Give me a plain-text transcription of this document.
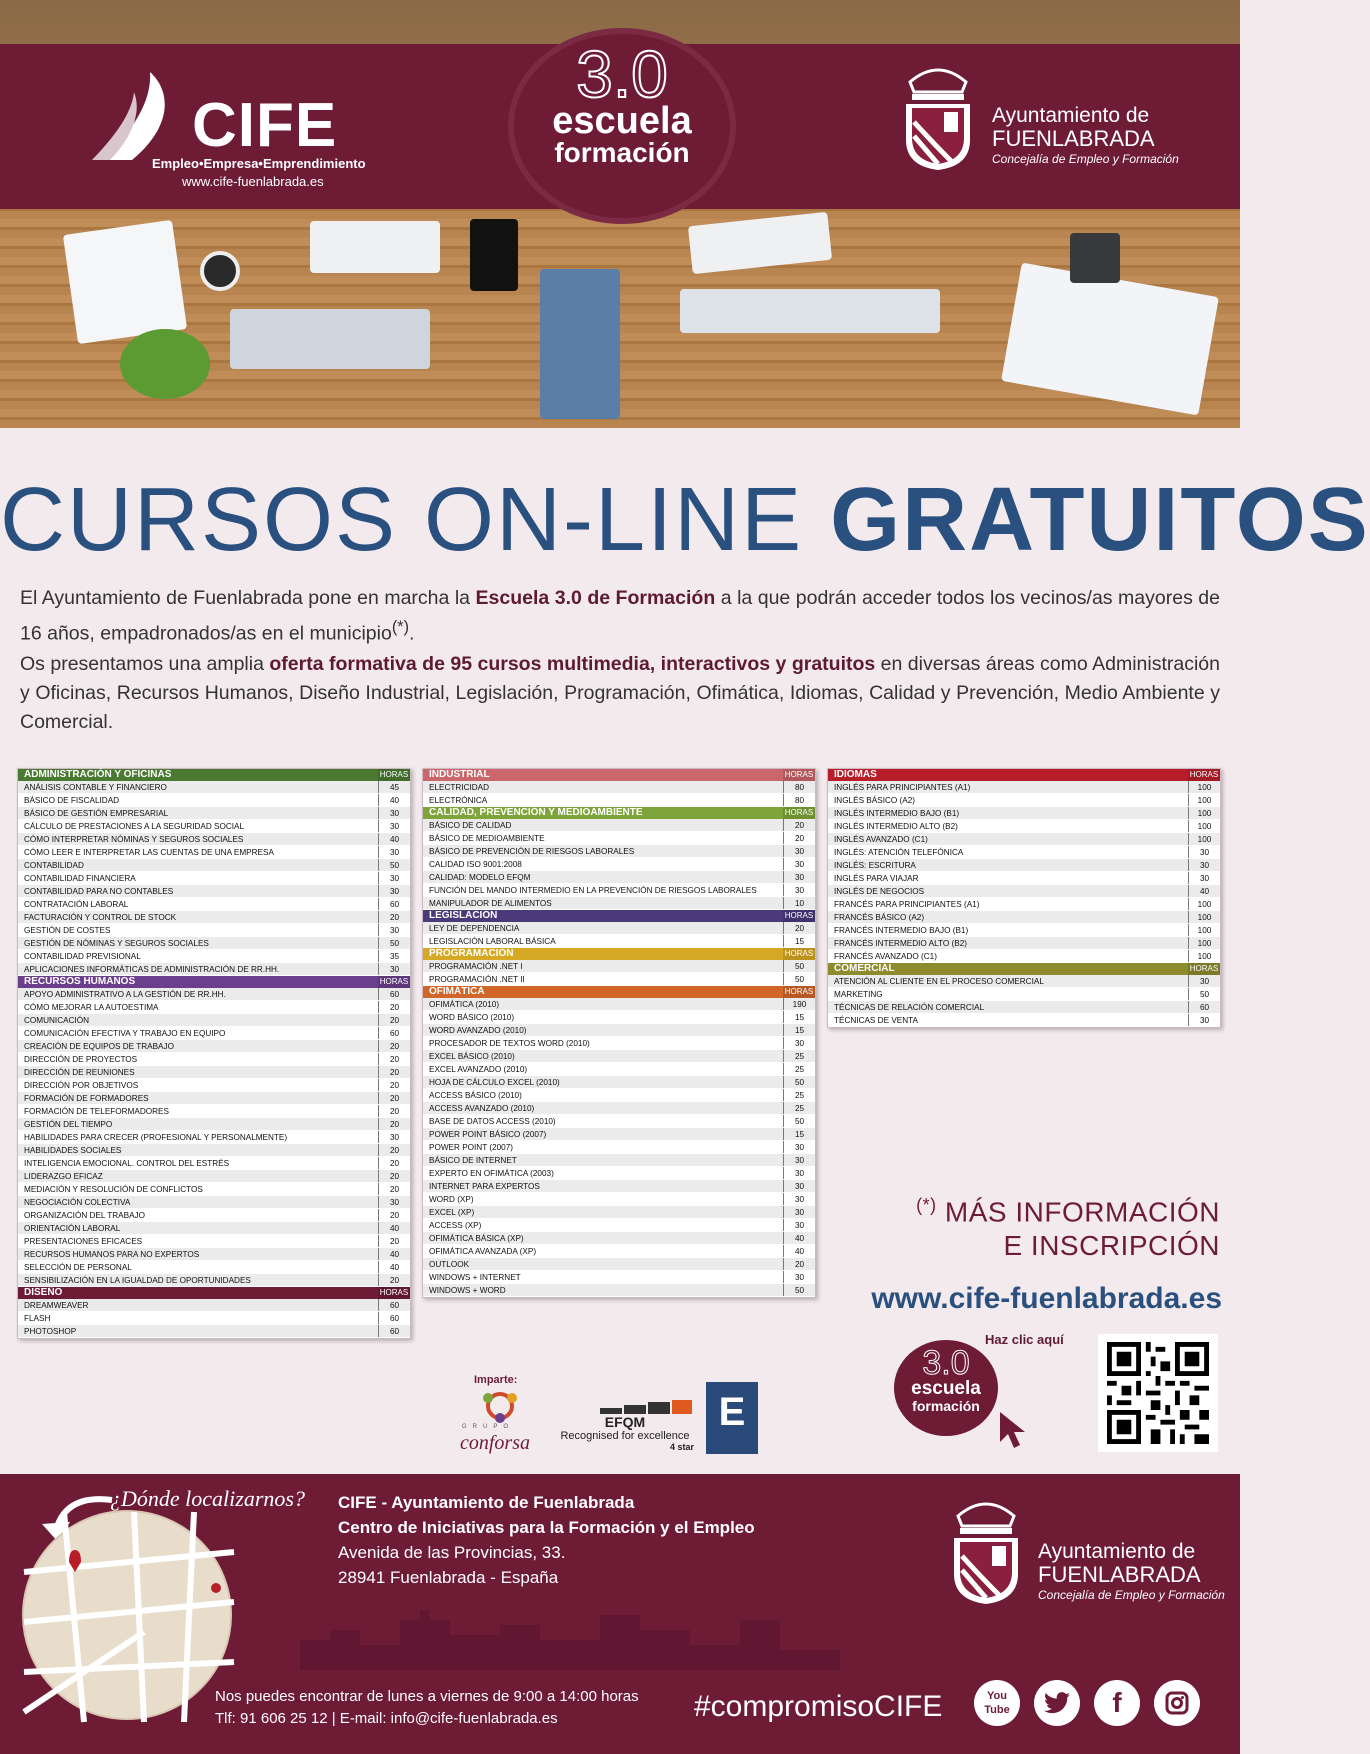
CIFE
Empleo•Empresa•Emprendimiento
www.cife-fuenlabrada.es
3.0
escuela
formación
Ayuntamiento de
FUENLABRADA
Concejalía de Empleo y Formación
CURSOS ON-LINE GRATUITOS

El Ayuntamiento de Fuenlabrada pone en marcha la Escuela 3.0 de Formación a la que podrán acceder todos los vecinos/as mayores de 16 años, empadronados/as en el municipio(*).

Os presentamos una amplia oferta formativa de 95 cursos multimedia, interactivos y gratuitos en diversas áreas como Administración y Oficinas, Recursos Humanos, Diseño Industrial, Legislación, Programación, Ofimática, Idiomas, Calidad y Prevención, Medio Ambiente y Comercial.

ADMINISTRACIÓN Y OFICINAS	HORAS
ANÁLISIS CONTABLE Y FINANCIERO	45
BÁSICO DE FISCALIDAD	40
BÁSICO DE GESTIÓN EMPRESARIAL	30
CÁLCULO DE PRESTACIONES A LA SEGURIDAD SOCIAL	30
CÓMO INTERPRETAR NÓMINAS Y SEGUROS SOCIALES	40
CÓMO LEER E INTERPRETAR LAS CUENTAS DE UNA EMPRESA	30
CONTABILIDAD	50
CONTABILIDAD FINANCIERA	30
CONTABILIDAD PARA NO CONTABLES	30
CONTRATACIÓN LABORAL	60
FACTURACIÓN Y CONTROL DE STOCK	20
GESTIÓN DE COSTES	30
GESTIÓN DE NÓMINAS Y SEGUROS SOCIALES	50
CONTABILIDAD PREVISIONAL	35
APLICACIONES INFORMÁTICAS DE ADMINISTRACIÓN DE RR.HH.	30
RECURSOS HUMANOS	HORAS
APOYO ADMINISTRATIVO A LA GESTIÓN DE RR.HH.	60
CÓMO MEJORAR LA AUTOESTIMA	20
COMUNICACIÓN	20
COMUNICACIÓN EFECTIVA Y TRABAJO EN EQUIPO	60
CREACIÓN DE EQUIPOS DE TRABAJO	20
DIRECCIÓN DE PROYECTOS	20
DIRECCIÓN DE REUNIONES	20
DIRECCIÓN POR OBJETIVOS	20
FORMACIÓN DE FORMADORES	20
FORMACIÓN DE TELEFORMADORES	20
GESTIÓN DEL TIEMPO	20
HABILIDADES PARA CRECER (PROFESIONAL Y PERSONALMENTE)	30
HABILIDADES SOCIALES	20
INTELIGENCIA EMOCIONAL. CONTROL DEL ESTRÉS	20
LIDERAZGO EFICAZ	20
MEDIACIÓN Y RESOLUCIÓN DE CONFLICTOS	20
NEGOCIACIÓN COLECTIVA	30
ORGANIZACIÓN DEL TRABAJO	20
ORIENTACIÓN LABORAL	40
PRESENTACIONES EFICACES	20
RECURSOS HUMANOS PARA NO EXPERTOS	40
SELECCIÓN DE PERSONAL	40
SENSIBILIZACIÓN EN LA IGUALDAD DE OPORTUNIDADES	20
DISEÑO	HORAS
DREAMWEAVER	60
FLASH	60
PHOTOSHOP	60
INDUSTRIAL	HORAS
ELECTRICIDAD	80
ELECTRÓNICA	80
CALIDAD, PREVENCIÓN Y MEDIOAMBIENTE	HORAS
BÁSICO DE CALIDAD	20
BÁSICO DE MEDIOAMBIENTE	20
BÁSICO DE PREVENCIÓN DE RIESGOS LABORALES	30
CALIDAD ISO 9001:2008	30
CALIDAD: MODELO EFQM	30
FUNCIÓN DEL MANDO INTERMEDIO EN LA PREVENCIÓN DE RIESGOS LABORALES	30
MANIPULADOR DE ALIMENTOS	10
LEGISLACIÓN	HORAS
LEY DE DEPENDENCIA	20
LEGISLACIÓN LABORAL BÁSICA	15
PROGRAMACIÓN	HORAS
PROGRAMACIÓN .NET I	50
PROGRAMACIÓN .NET II	50
OFIMÁTICA	HORAS
OFIMÁTICA (2010)	190
WORD BÁSICO (2010)	15
WORD AVANZADO (2010)	15
PROCESADOR DE TEXTOS WORD (2010)	30
EXCEL BÁSICO (2010)	25
EXCEL AVANZADO (2010)	25
HOJA DE CÁLCULO EXCEL (2010)	50
ACCESS BÁSICO (2010)	25
ACCESS AVANZADO (2010)	25
BASE DE DATOS ACCESS (2010)	50
POWER POINT BÁSICO (2007)	15
POWER POINT (2007)	30
BÁSICO DE INTERNET	30
EXPERTO EN OFIMÁTICA (2003)	30
INTERNET PARA EXPERTOS	30
WORD (XP)	30
EXCEL (XP)	30
ACCESS (XP)	30
OFIMÁTICA BÁSICA (XP)	40
OFIMÁTICA AVANZADA (XP)	40
OUTLOOK	20
WINDOWS + INTERNET	30
WINDOWS + WORD	50
IDIOMAS	HORAS
INGLÉS PARA PRINCIPIANTES (A1)	100
INGLÉS BÁSICO (A2)	100
INGLÉS INTERMEDIO BAJO (B1)	100
INGLÉS INTERMEDIO ALTO (B2)	100
INGLÉS AVANZADO (C1)	100
INGLÉS: ATENCIÓN TELEFÓNICA	30
INGLÉS: ESCRITURA	30
INGLÉS PARA VIAJAR	30
INGLÉS DE NEGOCIOS	40
FRANCÉS PARA PRINCIPIANTES (A1)	100
FRANCÉS BÁSICO (A2)	100
FRANCÉS INTERMEDIO BAJO (B1)	100
FRANCÉS INTERMEDIO ALTO (B2)	100
FRANCÉS AVANZADO (C1)	100
COMERCIAL	HORAS
ATENCIÓN AL CLIENTE EN EL PROCESO COMERCIAL	30
MARKETING	50
TÉCNICAS DE RELACIÓN COMERCIAL	60
TÉCNICAS DE VENTA	30
(*) MÁS INFORMACIÓN
E INSCRIPCIÓN
www.cife-fuenlabrada.es
Haz clic aquí
3.0
escuela
formación
Imparte:
GRUPO
conforsa
EFQM
Recognised for excellence
4 star
E
¿Dónde localizarnos? CIFE - Ayuntamiento de Fuenlabrada
Centro de Iniciativas para la Formación y el Empleo
Avenida de las Provincias, 33.
28941 Fuenlabrada - España
Ayuntamiento de
FUENLABRADA
Concejalía de Empleo y Formación
Nos puedes encontrar de lunes a viernes de 9:00 a 14:00 horas
Tlf: 91 606 25 12 | E-mail: info@cife-fuenlabrada.es	#compromisoCIFE	You Tube	f
